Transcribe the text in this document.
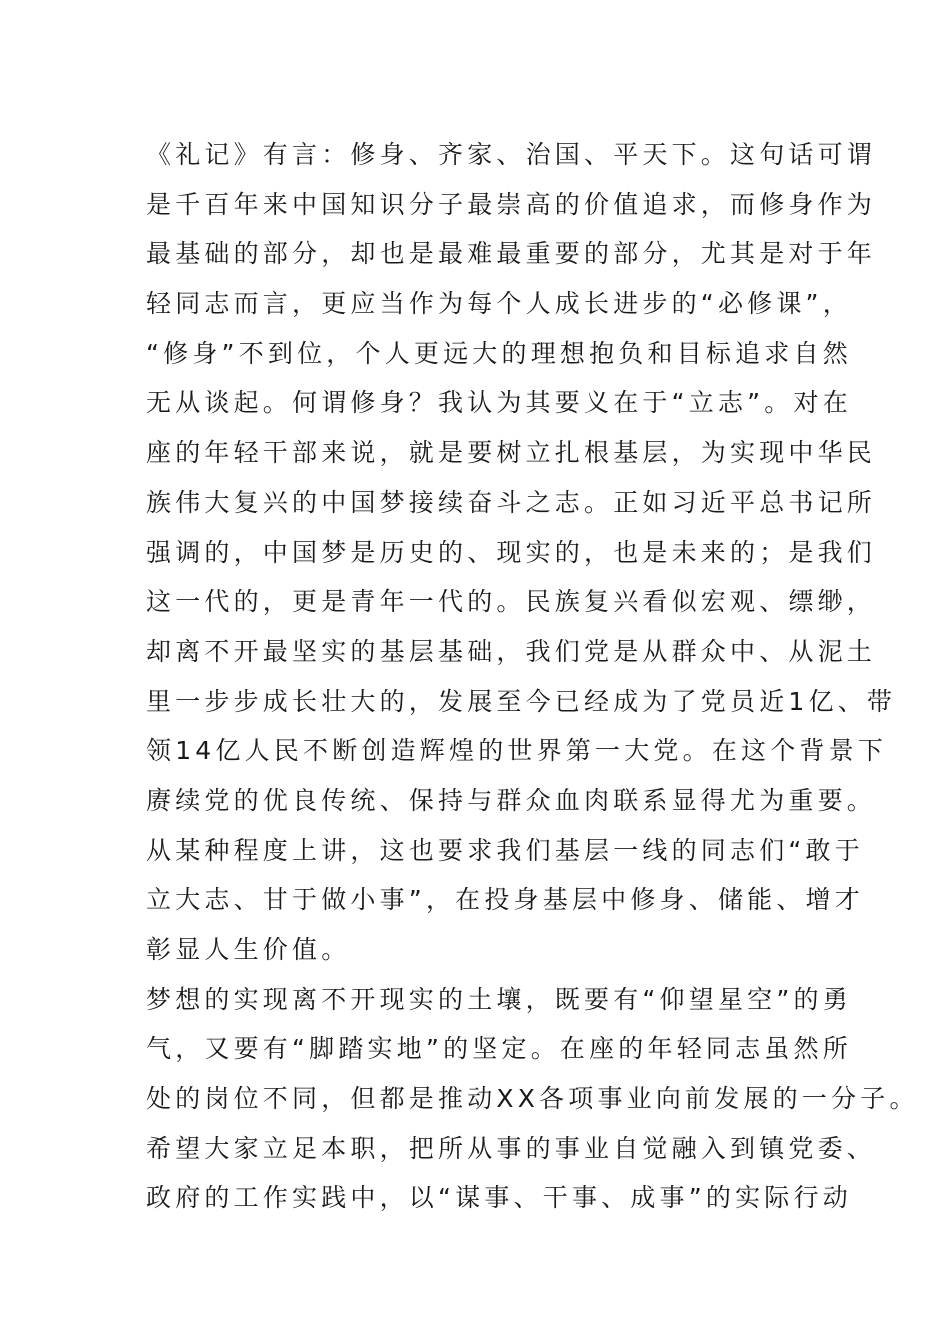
《礼记》有言：修身、齐家、治国、平天下。这句话可谓
是千百年来中国知识分子最崇高的价值追求，而修身作为
最基础的部分，却也是最难最重要的部分，尤其是对于年
轻同志而言，更应当作为每个人成长进步的“必修课”，
“修身”不到位，个人更远大的理想抱负和目标追求自然
无从谈起。何谓修身？我认为其要义在于“立志”。对在
座的年轻干部来说，就是要树立扎根基层，为实现中华民
族伟大复兴的中国梦接续奋斗之志。正如习近平总书记所
强调的，中国梦是历史的、现实的，也是未来的；是我们
这一代的，更是青年一代的。民族复兴看似宏观、缥缈，
却离不开最坚实的基层基础，我们党是从群众中、从泥土
里一步步成长壮大的，发展至今已经成为了党员近1亿、带
领14亿人民不断创造辉煌的世界第一大党。在这个背景下
赓续党的优良传统、保持与群众血肉联系显得尤为重要。
从某种程度上讲，这也要求我们基层一线的同志们“敢于
立大志、甘于做小事”，在投身基层中修身、储能、增才
彰显人生价值。
梦想的实现离不开现实的土壤，既要有“仰望星空”的勇
气，又要有“脚踏实地”的坚定。在座的年轻同志虽然所
处的岗位不同，但都是推动XX各项事业向前发展的一分子。
希望大家立足本职，把所从事的事业自觉融入到镇党委、
政府的工作实践中，以“谋事、干事、成事”的实际行动
